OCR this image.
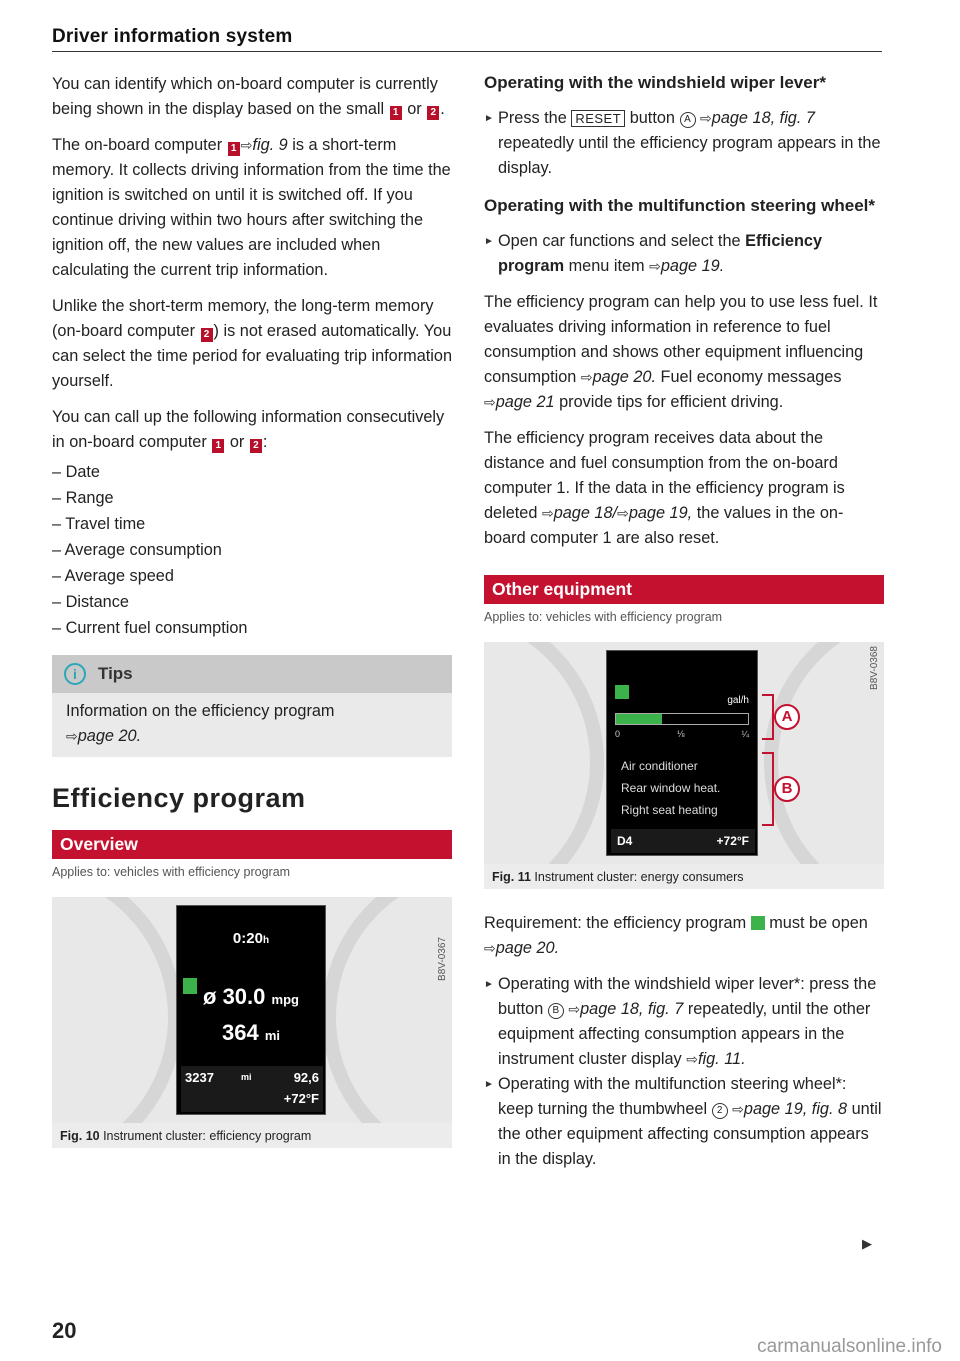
Driver information system

You can identify which on-board computer is currently being shown in the display based on the small 1 or 2 .

The on-board computer 1 ⇨fig. 9 is a short-term memory. It collects driving information from the time the ignition is switched on until it is switched off. If you continue driving within two hours after switching the ignition off, the new values are included when calculating the current trip information.

Unlike the short-term memory, the long-term memory (on-board computer 2 ) is not erased automatically. You can select the time period for evaluating trip information yourself.

You can call up the following information consecutively in on-board computer 1 or 2 :

– Date
– Range
– Travel time
– Average consumption
– Average speed
– Distance
– Current fuel consumption
i	Tips
Information on the efficiency program
⇨page 20.
Efficiency program
Overview
Applies to: vehicles with efficiency program
0:20h
ø 30.0 mpg
364 mi
3237	mi	92,6
+72°F
B8V-0367
Fig. 10 Instrument cluster: efficiency program
Operating with the windshield wiper lever*
► Press the RESET button A ⇨page 18, fig. 7 repeatedly until the efficiency program appears in the display.
Operating with the multifunction steering wheel*
► Open car functions and select the Efficiency program menu item ⇨page 19.

The efficiency program can help you to use less fuel. It evaluates driving information in reference to fuel consumption and shows other equipment influencing consumption ⇨page 20. Fuel economy messages ⇨page 21 provide tips for efficient driving.

The efficiency program receives data about the distance and fuel consumption from the on-board computer 1. If the data in the efficiency program is deleted ⇨page 18/⇨page 19, the values in the on-board computer 1 are also reset.

Other equipment
Applies to: vehicles with efficiency program
gal/h
0	⅛	¼
Air conditioner
Rear window heat.
Right seat heating
D4	+72°F
A
B
B8V-0368
Fig. 11 Instrument cluster: energy consumers

Requirement: the efficiency program must be open ⇨page 20.

► Operating with the windshield wiper lever*: press the button B ⇨page 18, fig. 7 repeatedly, until the other equipment affecting consumption appears in the instrument cluster display ⇨fig. 11.
► Operating with the multifunction steering wheel*: keep turning the thumbwheel 2 ⇨page 19, fig. 8 until the other equipment affecting consumption appears in the display.
▶
20
carmanualsonline.info
